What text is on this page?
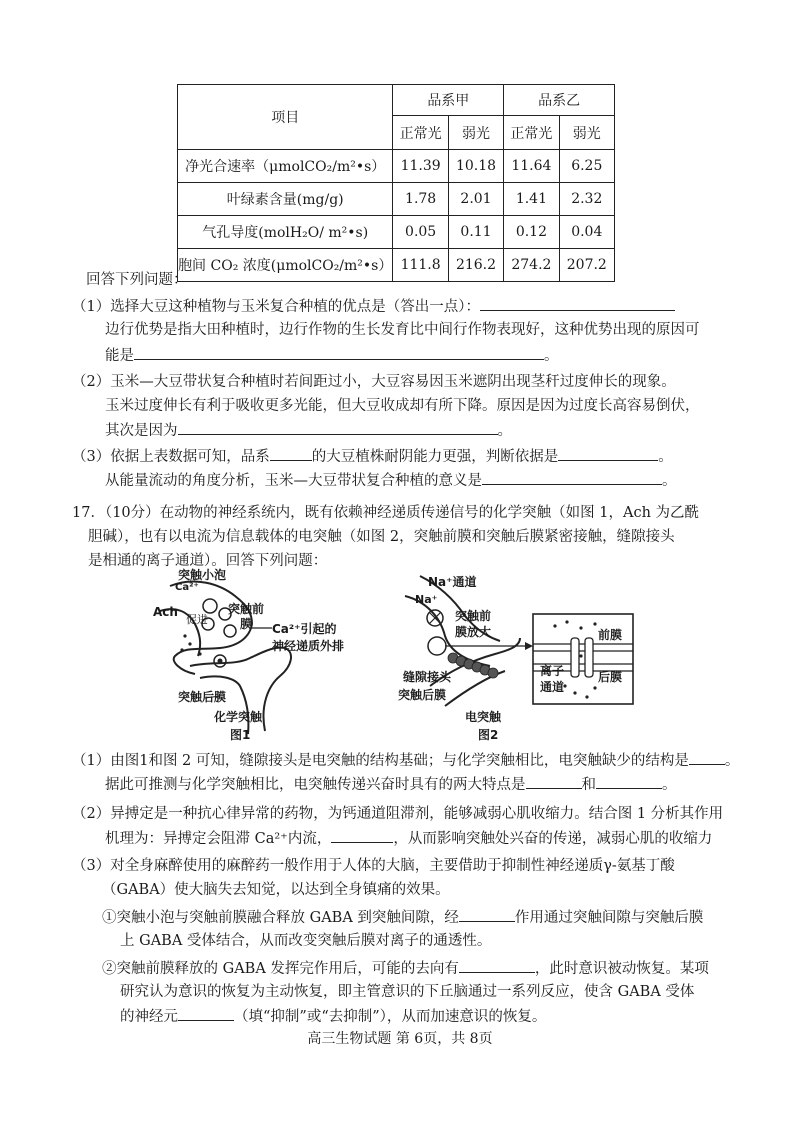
项目	品系甲		品系乙	
	正常光	弱光	正常光	弱光
净光合速率（μmolCO₂/m²•s）	11.39	10.18	11.64	6.25
叶绿素含量(mg/g)	1.78	2.01	1.41	2.32
气孔导度(molH₂O/ m²•s)	0.05	0.11	0.12	0.04
胞间 CO₂ 浓度(μmolCO₂/m²•s）	111.8	216.2	274.2	207.2
回答下列问题：
（1）选择大豆这种植物与玉米复合种植的优点是（答出一点）：
边行优势是指大田种植时，边行作物的生长发育比中间行作物表现好，这种优势出现的原因可
能是	。
（2）玉米—大豆带状复合种植时若间距过小，大豆容易因玉米遮阴出现茎秆过度伸长的现象。
玉米过度伸长有利于吸收更多光能，但大豆收成却有所下降。原因是因为过度长高容易倒伏，
其次是因为	。
（3）依据上表数据可知，品系	的大豆植株耐阴能力更强，判断依据是	。
从能量流动的角度分析，玉米—大豆带状复合种植的意义是	。
17．（10分）在动物的神经系统内，既有依赖神经递质传递信号的化学突触（如图 1，Ach 为乙酰
胆碱），也有以电流为信息载体的电突触（如图 2，突触前膜和突触后膜紧密接触，缝隙接头
是相通的离子通道）。回答下列问题：
突触小泡
Ca²⁺
Ach
促进
突触前
膜 Ca²⁺引起的
神经递质外排
突触后膜
化学突触
图1
Na⁺通道
Na⁺
突触前
膜放大
缝隙接头
突触后膜
电突触
图2
前膜
后膜
离子
通道
（1）由图1和图 2 可知，缝隙接头是电突触的结构基础；与化学突触相比，电突触缺少的结构是 。
据此可推测与化学突触相比，电突触传递兴奋时具有的两大特点是	和	。
（2）异搏定是一种抗心律异常的药物，为钙通道阻滞剂，能够减弱心肌收缩力。结合图 1 分析其作用
机理为：异搏定会阻滞 Ca²⁺内流，	，从而影响突触处兴奋的传递，减弱心肌的收缩力
（3）对全身麻醉使用的麻醉药一般作用于人体的大脑，主要借助于抑制性神经递质γ-氨基丁酸
（GABA）使大脑失去知觉，以达到全身镇痛的效果。
①突触小泡与突触前膜融合释放 GABA 到突触间隙，经	作用通过突触间隙与突触后膜
上 GABA 受体结合，从而改变突触后膜对离子的通透性。
②突触前膜释放的 GABA 发挥完作用后，可能的去向有	，此时意识被动恢复。某项
研究认为意识的恢复为主动恢复，即主管意识的下丘脑通过一系列反应，使含 GABA 受体
的神经元	（填“抑制”或“去抑制”），从而加速意识的恢复。
高三生物试题 第 6页，共 8页
